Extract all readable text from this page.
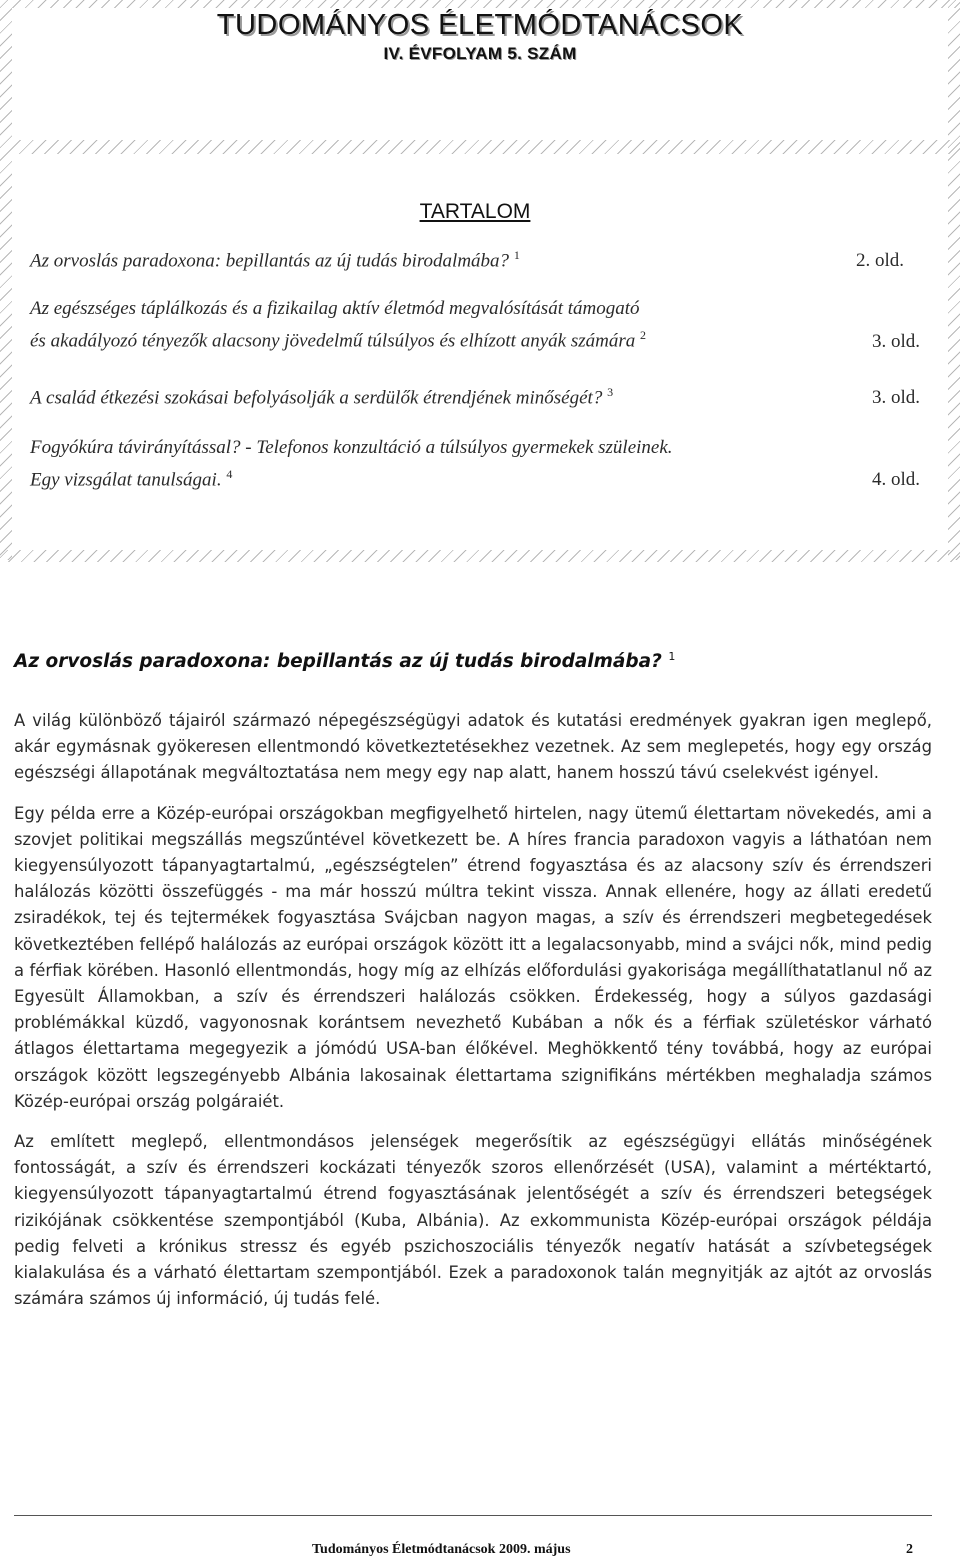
TUDOMÁNYOS ÉLETMÓDTANÁCSOK
IV. ÉVFOLYAM 5. SZÁM
TARTALOM
Az orvoslás paradoxona: bepillantás az új tudás birodalmába? $^1$	2. old.
Az egészséges táplálkozás és a fizikailag aktív életmód megvalósítását támogató
és akadályozó tényezők alacsony jövedelmű túlsúlyos és elhízott anyák számára $^2$	3. old.
A család étkezési szokásai befolyásolják a serdülők étrendjének minőségét? $^3$	3. old.
Fogyókúra távirányítással? - Telefonos konzultáció a túlsúlyos gyermekek szüleinek.
Egy vizsgálat tanulságai. $^4$	4. old.
Az orvoslás paradoxona: bepillantás az új tudás birodalmába? $^1$

A világ különböző tájairól származó népegészségügyi adatok és kutatási eredmények gyakran igen meglepő, akár egymásnak gyökeresen ellentmondó következtetésekhez vezetnek. Az sem meglepetés, hogy egy ország egészségi állapotának megváltoztatása nem megy egy nap alatt, hanem hosszú távú cselekvést igényel.

Egy példa erre a Közép-európai országokban megfigyelhető hirtelen, nagy ütemű élettartam növekedés, ami a szovjet politikai megszállás megszűntével következett be. A híres francia paradoxon vagyis a láthatóan nem kiegyensúlyozott tápanyagtartalmú, „egészségtelen” étrend fogyasztása és az alacsony szív és érrendszeri halálozás közötti összefüggés - ma már hosszú múltra tekint vissza. Annak ellenére, hogy az állati eredetű zsiradékok, tej és tejtermékek fogyasztása Svájcban nagyon magas, a szív és érrendszeri megbetegedések következtében fellépő halálozás az európai országok között itt a legalacsonyabb, mind a svájci nők, mind pedig a férfiak körében. Hasonló ellentmondás, hogy míg az elhízás előfordulási gyakorisága megállíthatatlanul nő az Egyesült Államokban, a szív és érrendszeri halálozás csökken. Érdekesség, hogy a súlyos gazdasági problémákkal küzdő, vagyonosnak korántsem nevezhető Kubában a nők és a férfiak születéskor várható átlagos élettartama megegyezik a jómódú USA-ban élőkével. Meghökkentő tény továbbá, hogy az európai országok között legszegényebb Albánia lakosainak élettartama szignifikáns mértékben meghaladja számos Közép-európai ország polgáraiét.

Az említett meglepő, ellentmondásos jelenségek megerősítik az egészségügyi ellátás minőségének fontosságát, a szív és érrendszeri kockázati tényezők szoros ellenőrzését (USA), valamint a mértéktartó, kiegyensúlyozott tápanyagtartalmú étrend fogyasztásának jelentőségét a szív és érrendszeri betegségek rizikójának csökkentése szempontjából (Kuba, Albánia). Az exkommunista Közép-európai országok példája pedig felveti a krónikus stressz és egyéb pszichoszociális tényezők negatív hatását a szívbetegségek kialakulása és a várható élettartam szempontjából. Ezek a paradoxonok talán megnyitják az ajtót az orvoslás számára számos új információ, új tudás felé.

Tudományos Életmódtanácsok 2009. május	2
